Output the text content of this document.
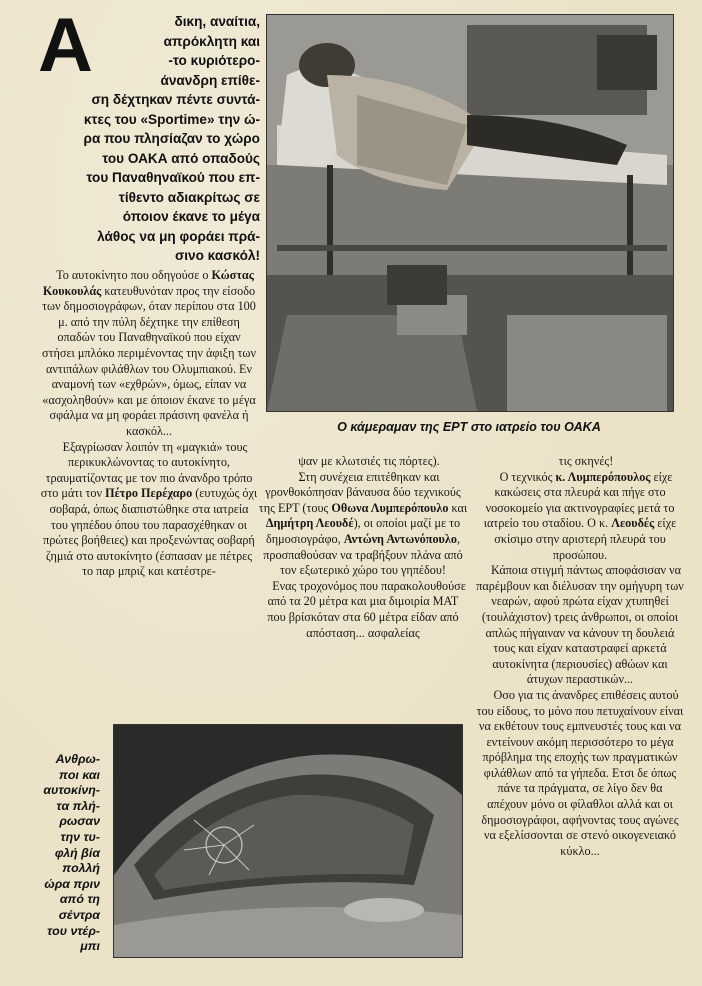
Α	δικη, αναίτια,
απρόκλητη και
-το κυριότερο-
άνανδρη επίθε-
ση δέχτηκαν πέντε συντά-
κτες του «Sportime» την ώ-
ρα που πλησίαζαν το χώρο
του ΟΑΚΑ από οπαδούς
του Παναθηναϊκού που επ-
τίθεντο αδιακρίτως σε
όποιον έκανε το μέγα
λάθος να μη φοράει πρά-
σινο κασκόλ!

Ο κάμεραμαν της ΕΡΤ στο ιατρείο του ΟΑΚΑ

Το αυτοκίνητο που οδηγούσε ο Κώστας Κουκουλάς κατευθυνόταν προς την είσοδο των δημοσιογράφων, όταν περίπου στα 100 μ. από την πύλη δέχτηκε την επίθεση οπαδών του Παναθηναϊκού που είχαν στήσει μπλόκο περιμένοντας την άφιξη των αντιπάλων φιλάθλων του Ολυμπιακού. Εν αναμονή των «εχθρών», όμως, είπαν να «ασχοληθούν» και με όποιον έκανε το μέγα σφάλμα να μη φοράει πράσινη φανέλα ή κασκόλ...

Εξαγρίωσαν λοιπόν τη «μαγκιά» τους περικυκλώνοντας το αυτοκίνητο, τραυματίζοντας με τον πιο άνανδρο τρόπο στο μάτι τον Πέτρο Περέχαρο (ευτυχώς όχι σοβαρά, όπως διαπιστώθηκε στα ιατρεία του γηπέδου όπου του παρασχέθηκαν οι πρώτες βοήθειες) και προξενώντας σοβαρή ζημιά στο αυτοκίνητο (έσπασαν με πέτρες το παρ μπριζ και κατέστρε-

ψαν με κλωτσιές τις πόρτες).

Στη συνέχεια επιτέθηκαν και γρονθοκόπησαν βάναυσα δύο τεχνικούς της ΕΡΤ (τους Οθωνα Λυμπερόπουλο και Δημήτρη Λεουδέ), οι οποίοι μαζί με το δημοσιογράφο, Αντώνη Αντωνόπουλο, προσπαθούσαν να τραβήξουν πλάνα από τον εξωτερικό χώρο του γηπέδου!

Ενας τροχονόμος που παρακολουθούσε από τα 20 μέτρα και μια διμοιρία ΜΑΤ που βρίσκόταν στα 60 μέτρα είδαν από απόσταση... ασφαλείας

τις σκηνές!

Ο τεχνικός κ. Λυμπερόπουλος είχε κακώσεις στα πλευρά και πήγε στο νοσοκομείο για ακτινογραφίες μετά το ιατρείο του σταδίου. Ο κ. Λεουδές είχε σκίσιμο στην αριστερή πλευρά του προσώπου.

Κάποια στιγμή πάντως αποφάσισαν να παρέμβουν και διέλυσαν την ομήγυρη των νεαρών, αφού πρώτα είχαν χτυπηθεί (τουλάχιστον) τρεις άνθρωποι, οι οποίοι απλώς πήγαιναν να κάνουν τη δουλειά τους και είχαν καταστραφεί αρκετά αυτοκίνητα (περιουσίες) αθώων και άτυχων περαστικών...

Οσο για τις άνανδρες επιθέσεις αυτού του είδους, το μόνο που πετυχαίνουν είναι να εκθέτουν τους εμπνευστές τους και να εντείνουν ακόμη περισσότερο το μέγα πρόβλημα της εποχής των πραγματικών φιλάθλων από τα γήπεδα. Ετσι δε όπως πάνε τα πράγματα, σε λίγο δεν θα απέχουν μόνο οι φίλαθλοι αλλά και οι δημοσιογράφοι, αφήνοντας τους αγώνες να εξελίσσονται σε στενό οικογενειακό κύκλο...

Ανθρω-
ποι και
αυτοκίνη-
τα πλή-
ρωσαν
την τυ-
φλή βία
πολλή
ώρα πριν
από τη
σέντρα
του ντέρ-
μπι
